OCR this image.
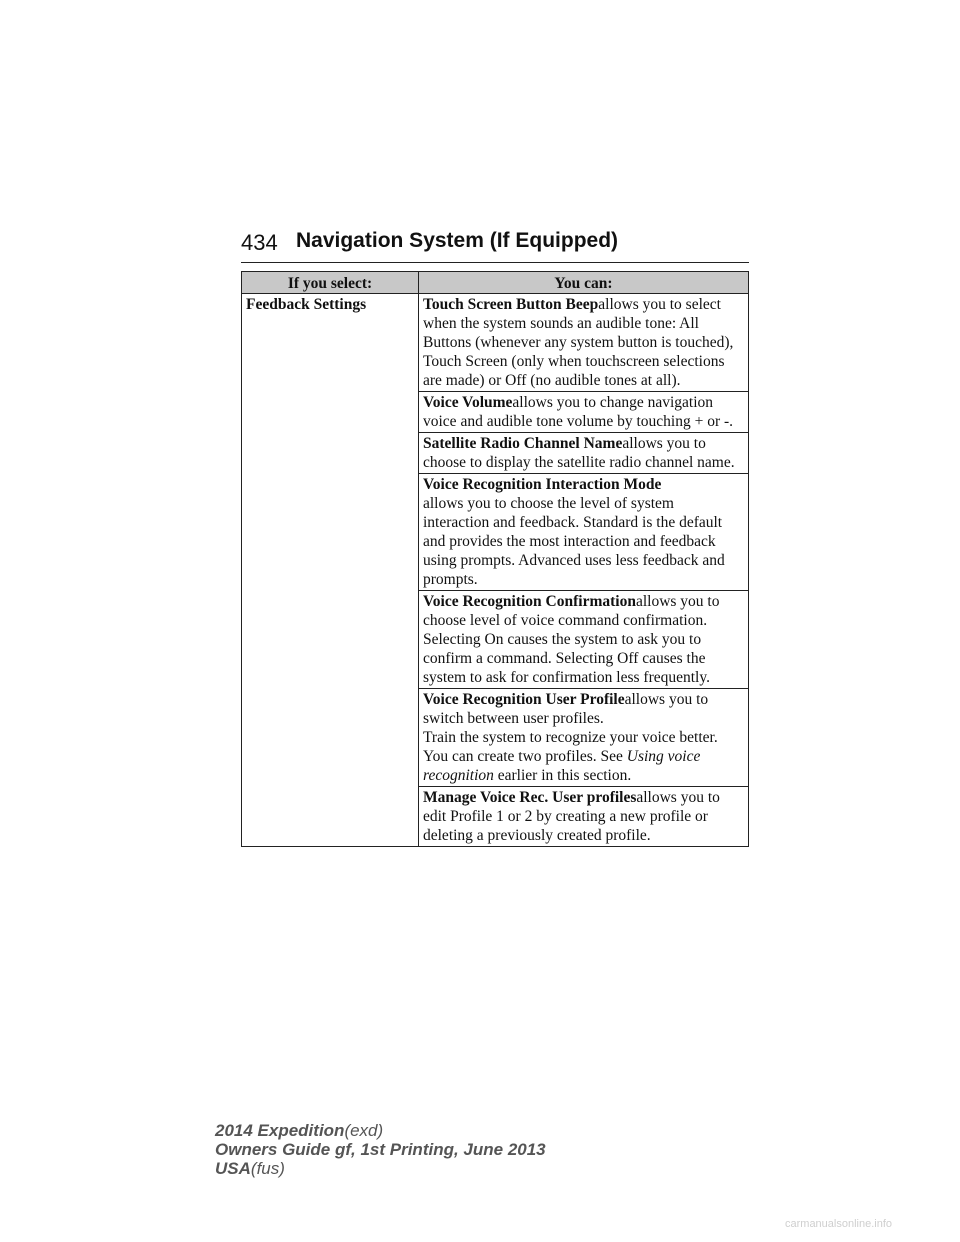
434 Navigation System (If Equipped)
If you select:	You can:
Feedback Settings	Touch Screen Button Beepallows you to select when the system sounds an audible tone: All Buttons (whenever any system button is touched), Touch Screen (only when touchscreen selections are made) or Off (no audible tones at all).
	Voice Volumeallows you to change navigation voice and audible tone volume by touching + or -.
	Satellite Radio Channel Nameallows you to choose to display the satellite radio channel name.
	Voice Recognition Interaction Mode
allows you to choose the level of system interaction and feedback. Standard is the default and provides the most interaction and feedback using prompts. Advanced uses less feedback and prompts.
	Voice Recognition Confirmationallows you to choose level of voice command confirmation. Selecting On causes the system to ask you to confirm a command. Selecting Off causes the system to ask for confirmation less frequently.
	Voice Recognition User Profileallows you to switch between user profiles.
Train the system to recognize your voice better. You can create two profiles. See Using voice recognition earlier in this section.
	Manage Voice Rec. User profilesallows you to edit Profile 1 or 2 by creating a new profile or deleting a previously created profile.
2014 Expedition(exd)
Owners Guide gf, 1st Printing, June 2013
USA(fus)
carmanualsonline.info
